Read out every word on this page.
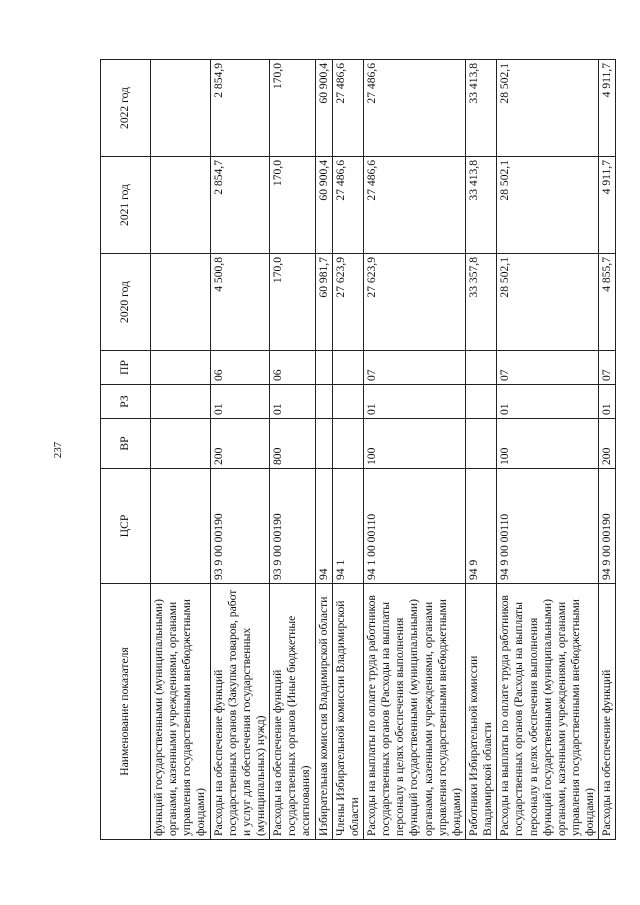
237
Наименование показателя	ЦСР	ВР	РЗ	ПР	2020 год	2021 год	2022 год
функций государственными (муниципальными) органами, казенными учреждениями, органами управления государственными внебюджетными фондами)							
Расходы на обеспечение функций государственных органов (Закупка товаров, работ и услуг для обеспечения государственных (муниципальных) нужд)	93 9 00 00190	200	01	06	4 500,8	2 854,7	2 854,9
Расходы на обеспечение функций государственных органов (Иные бюджетные ассигнования)	93 9 00 00190	800	01	06	170,0	170,0	170,0
Избирательная комиссия Владимирской области	94				60 981,7	60 900,4	60 900,4
Члены Избирательной комиссии Владимирской области	94 1				27 623,9	27 486,6	27 486,6
Расходы на выплаты по оплате труда работников государственных органов (Расходы на выплаты персоналу в целях обеспечения выполнения функций государственными (муниципальными) органами, казенными учреждениями, органами управления государственными внебюджетными фондами)	94 1 00 00110	100	01	07	27 623,9	27 486,6	27 486,6
Работники Избирательной комиссии Владимирской области	94 9				33 357,8	33 413,8	33 413,8
Расходы на выплаты по оплате труда работников государственных органов (Расходы на выплаты персоналу в целях обеспечения выполнения функций государственными (муниципальными) органами, казенными учреждениями, органами управления государственными внебюджетными фондами)	94 9 00 00110	100	01	07	28 502,1	28 502,1	28 502,1
Расходы на обеспечение функций	94 9 00 00190	200	01	07	4 855,7	4 911,7	4 911,7
